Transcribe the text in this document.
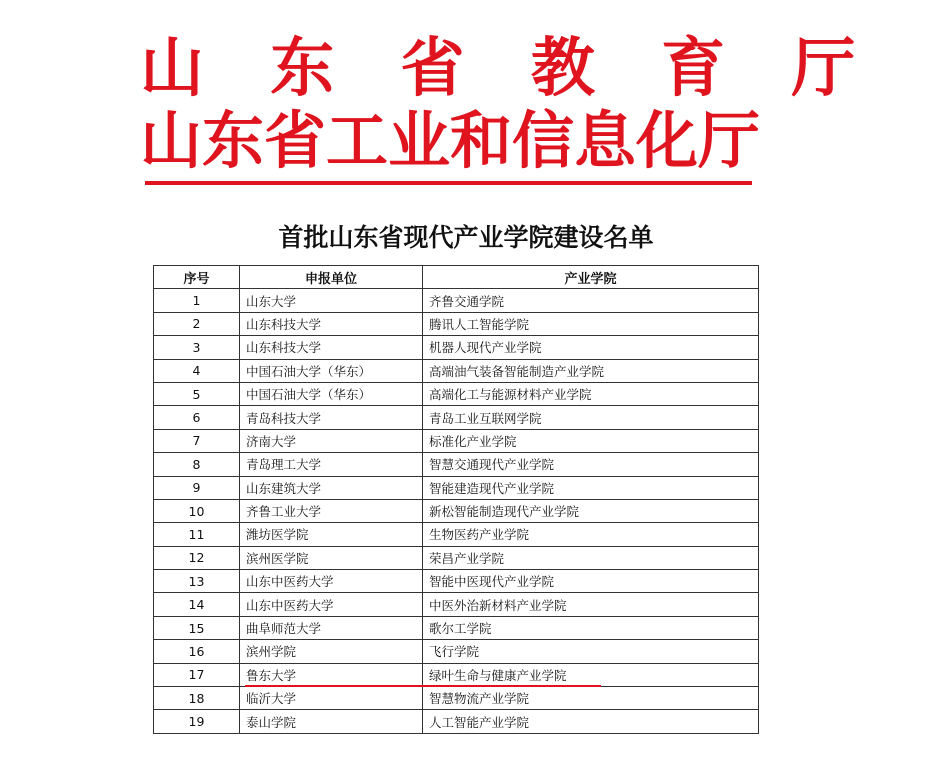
山 东 省 教 育 厅
山东省工业和信息化厅
首批山东省现代产业学院建设名单
序号	申报单位	产业学院
1	山东大学	齐鲁交通学院
2	山东科技大学	腾讯人工智能学院
3	山东科技大学	机器人现代产业学院
4	中国石油大学（华东）	高端油气装备智能制造产业学院
5	中国石油大学（华东）	高端化工与能源材料产业学院
6	青岛科技大学	青岛工业互联网学院
7	济南大学	标准化产业学院
8	青岛理工大学	智慧交通现代产业学院
9	山东建筑大学	智能建造现代产业学院
10	齐鲁工业大学	新松智能制造现代产业学院
11	潍坊医学院	生物医药产业学院
12	滨州医学院	荣昌产业学院
13	山东中医药大学	智能中医现代产业学院
14	山东中医药大学	中医外治新材料产业学院
15	曲阜师范大学	歌尔工学院
16	滨州学院	飞行学院
17	鲁东大学	绿叶生命与健康产业学院
18	临沂大学	智慧物流产业学院
19	泰山学院	人工智能产业学院
